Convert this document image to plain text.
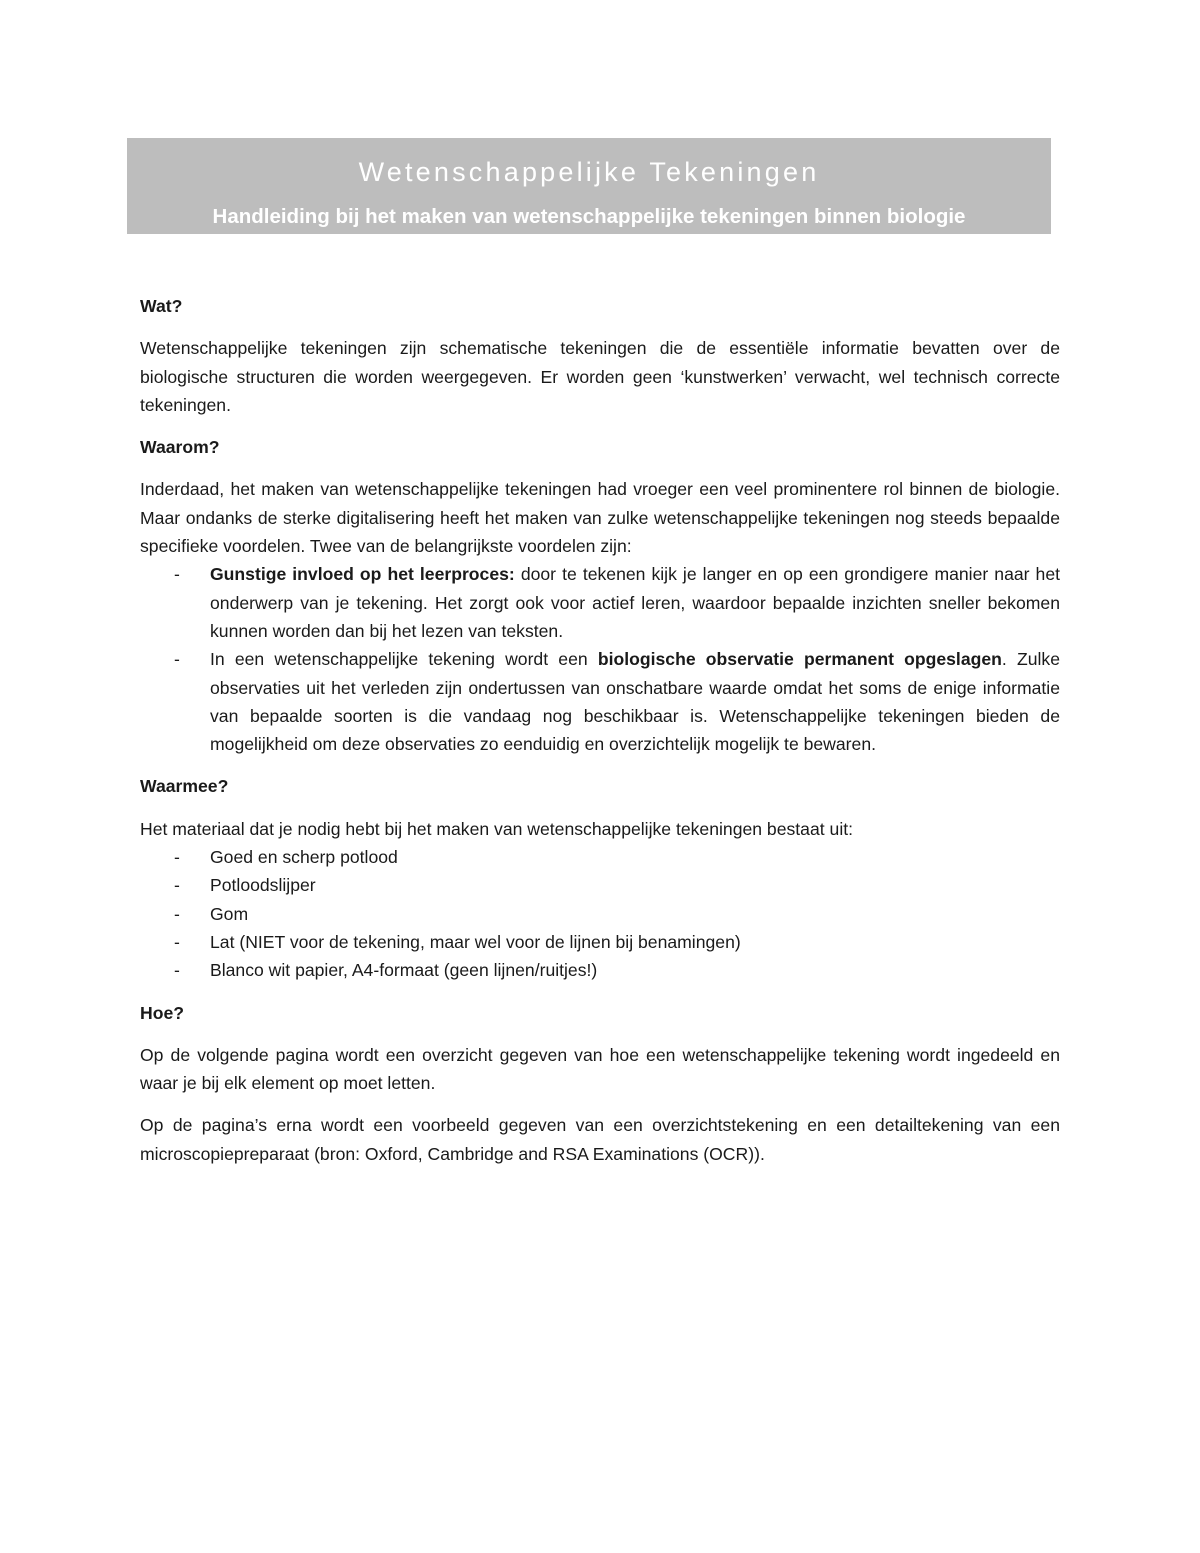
Wetenschappelijke Tekeningen
Handleiding bij het maken van wetenschappelijke tekeningen binnen biologie
Wat?

Wetenschappelijke tekeningen zijn schematische tekeningen die de essentiële informatie bevatten over de biologische structuren die worden weergegeven. Er worden geen ‘kunstwerken’ verwacht, wel technisch correcte tekeningen.

Waarom?

Inderdaad, het maken van wetenschappelijke tekeningen had vroeger een veel prominentere rol binnen de biologie. Maar ondanks de sterke digitalisering heeft het maken van zulke wetenschappelijke tekeningen nog steeds bepaalde specifieke voordelen. Twee van de belangrijkste voordelen zijn:

- Gunstige invloed op het leerproces: door te tekenen kijk je langer en op een grondigere manier naar het onderwerp van je tekening. Het zorgt ook voor actief leren, waardoor bepaalde inzichten sneller bekomen kunnen worden dan bij het lezen van teksten.
- In een wetenschappelijke tekening wordt een biologische observatie permanent opgeslagen. Zulke observaties uit het verleden zijn ondertussen van onschatbare waarde omdat het soms de enige informatie van bepaalde soorten is die vandaag nog beschikbaar is. Wetenschappelijke tekeningen bieden de mogelijkheid om deze observaties zo eenduidig en overzichtelijk mogelijk te bewaren.
Waarmee?

Het materiaal dat je nodig hebt bij het maken van wetenschappelijke tekeningen bestaat uit:

- Goed en scherp potlood
- Potloodslijper
- Gom
- Lat (NIET voor de tekening, maar wel voor de lijnen bij benamingen)
- Blanco wit papier, A4-formaat (geen lijnen/ruitjes!)
Hoe?

Op de volgende pagina wordt een overzicht gegeven van hoe een wetenschappelijke tekening wordt ingedeeld en waar je bij elk element op moet letten.

Op de pagina’s erna wordt een voorbeeld gegeven van een overzichtstekening en een detailtekening van een microscopiepreparaat (bron: Oxford, Cambridge and RSA Examinations (OCR)).
